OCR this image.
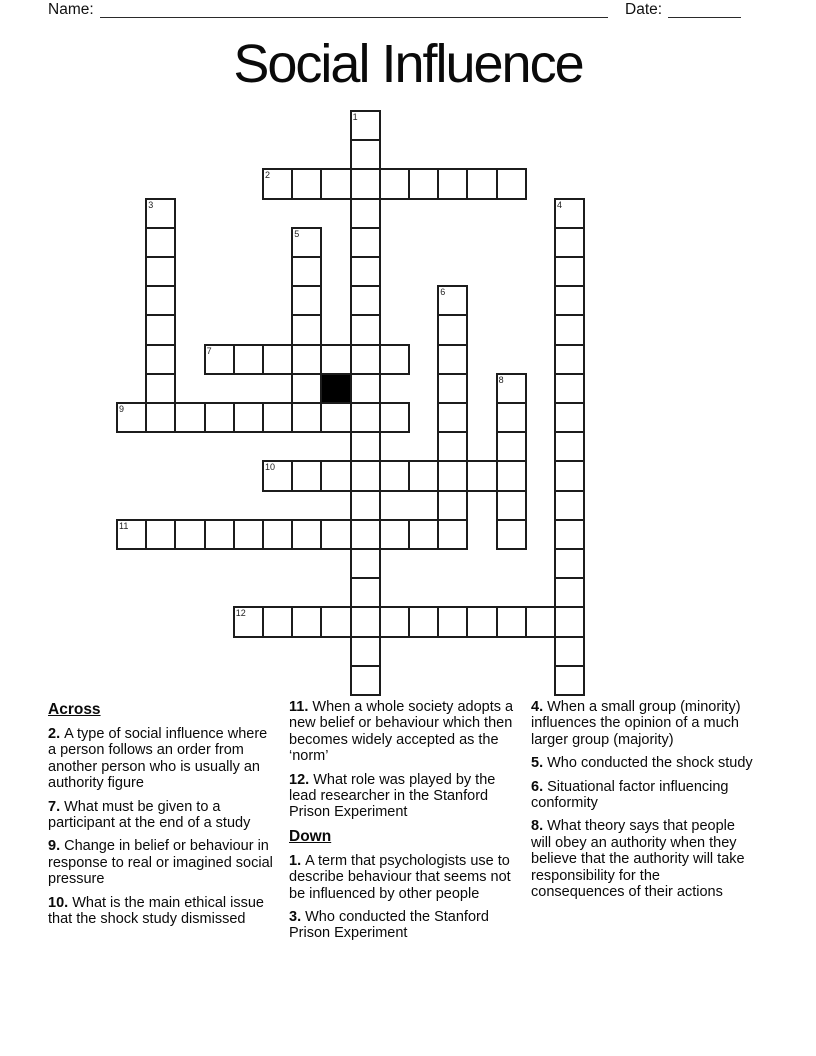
Name:	Date:
Social Influence
1
2
3	4
5
6
7
8
9
10
11
12
Across

2. A type of social influence where a person follows an order from another person who is usually an authority figure

7. What must be given to a participant at the end of a study

9. Change in belief or behaviour in response to real or imagined social pressure

10. What is the main ethical issue that the shock study dismissed

11. When a whole society adopts a new belief or behaviour which then becomes widely accepted as the ‘norm’

12. What role was played by the lead researcher in the Stanford Prison Experiment

Down

1. A term that psychologists use to describe behaviour that seems not be influenced by other people

3. Who conducted the Stanford Prison Experiment

4. When a small group (minority) influences the opinion of a much larger group (majority)

5. Who conducted the shock study

6. Situational factor influencing conformity

8. What theory says that people will obey an authority when they believe that the authority will take responsibility for the consequences of their actions
